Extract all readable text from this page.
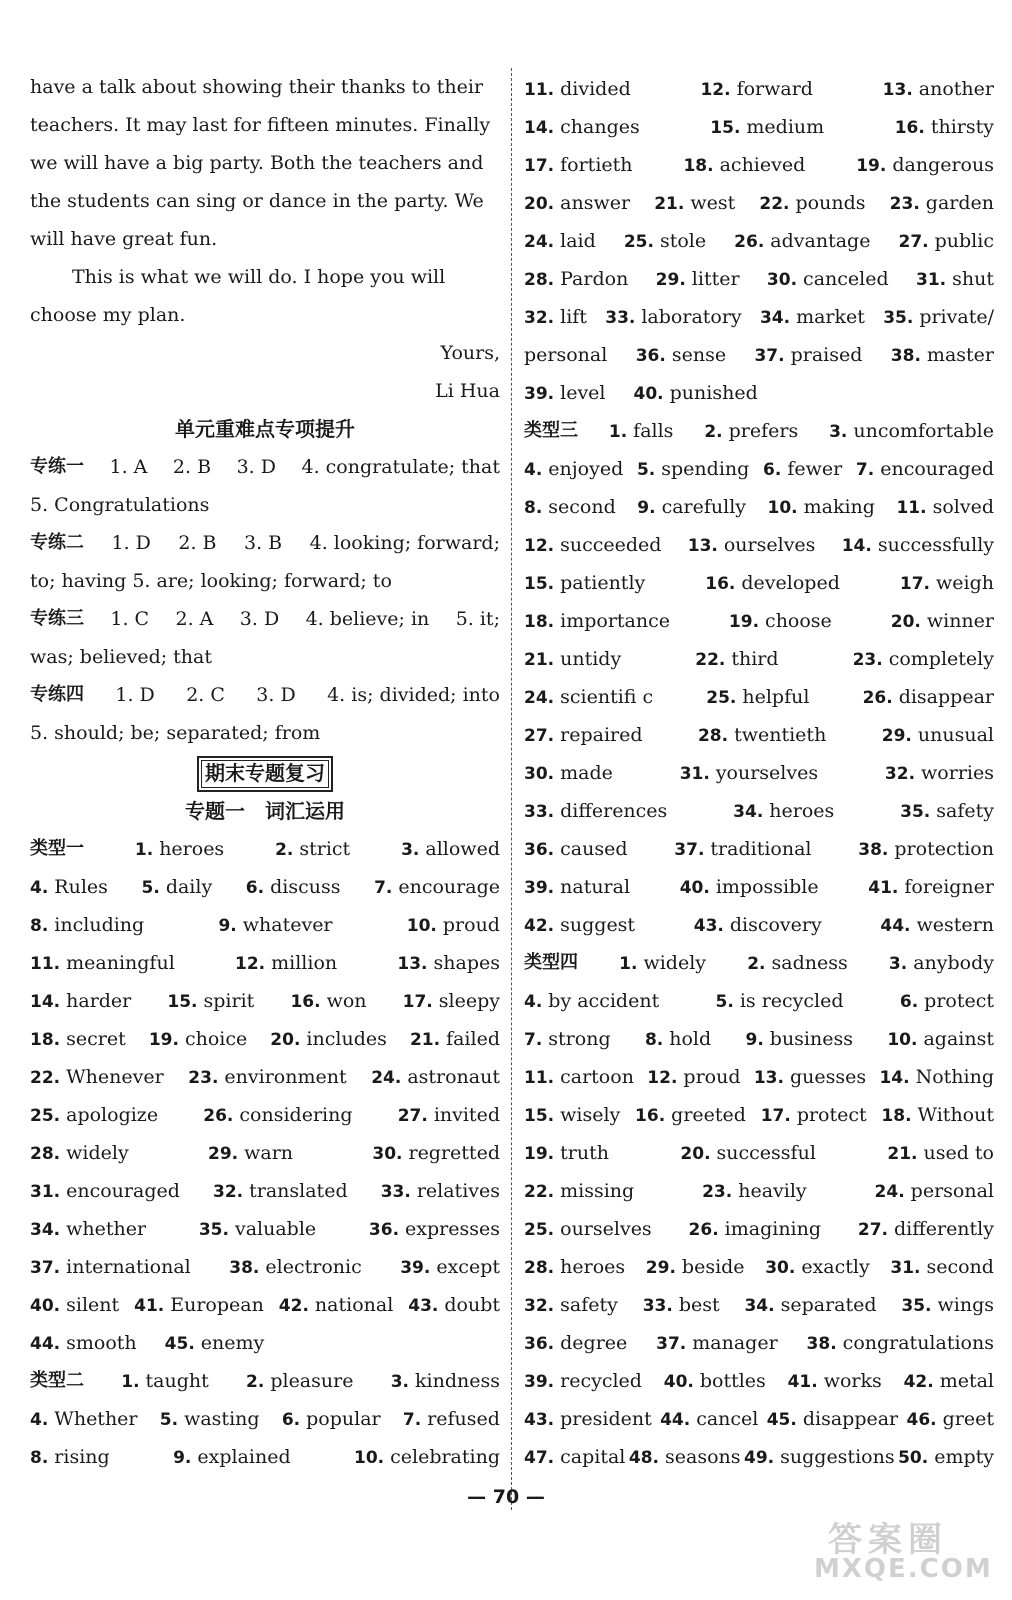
have a talk about showing their thanks to their
teachers. It may last for fifteen minutes. Finally
we will have a big party. Both the teachers and
the students can sing or dance in the party. We
will have great fun.
This is what we will do. I hope you will
choose my plan.

Yours,

Li Hua

单元重难点专项提升
专练一 1. A 2. B 3. D 4. congratulate; that
5. Congratulations
专练二 1. D 2. B 3. B 4. looking; forward;
to; having 5. are; looking; forward; to
专练三 1. C 2. A 3. D 4. believe; in 5. it;
was; believed; that
专练四 1. D 2. C 3. D 4. is; divided; into
5. should; be; separated; from
期末专题复习
专题一　词汇运用
类型一	1. heroes	2. strict	3. allowed
4. Rules 5. daily 6. discuss 7. encourage
8. including	9. whatever	10. proud
11. meaningful	12. million	13. shapes
14. harder 15. spirit 16. won 17. sleepy
18. secret 19. choice 20. includes 21. failed
22. Whenever 23. environment 24. astronaut
25. apologize	26. considering	27. invited
28. widely	29. warn	30. regretted
31. encouraged 32. translated 33. relatives
34. whether	35. valuable	36. expresses
37. international 38. electronic 39. except
40. silent 41. European 42. national 43. doubt
44. smooth 45. enemy
类型二 1. taught 2. pleasure 3. kindness
4. Whether 5. wasting 6. popular 7. refused
8. rising	9. explained	10. celebrating
11. divided	12. forward	13. another
14. changes	15. medium	16. thirsty
17. fortieth	18. achieved	19. dangerous
20. answer 21. west 22. pounds 23. garden
24. laid 25. stole 26. advantage 27. public
28. Pardon 29. litter 30. canceled 31. shut
32. lift 33. laboratory 34. market 35. private/
personal 36. sense 37. praised 38. master
39. level 40. punished
类型三 1. falls 2. prefers 3. uncomfortable
4. enjoyed 5. spending 6. fewer 7. encouraged
8. second 9. carefully 10. making 11. solved
12. succeeded 13. ourselves 14. successfully
15. patiently	16. developed	17. weigh
18. importance	19. choose	20. winner
21. untidy	22. third	23. completely
24. scientifi c	25. helpful	26. disappear
27. repaired	28. twentieth	29. unusual
30. made	31. yourselves	32. worries
33. differences	34. heroes	35. safety
36. caused	37. traditional	38. protection
39. natural	40. impossible	41. foreigner
42. suggest	43. discovery	44. western
类型四 1. widely 2. sadness 3. anybody
4. by accident	5. is recycled	6. protect
7. strong 8. hold 9. business 10. against
11. cartoon 12. proud 13. guesses 14. Nothing
15. wisely 16. greeted 17. protect 18. Without
19. truth	20. successful	21. used to
22. missing	23. heavily	24. personal
25. ourselves 26. imagining 27. differently
28. heroes 29. beside 30. exactly 31. second
32. safety 33. best 34. separated 35. wings
36. degree 37. manager 38. congratulations
39. recycled 40. bottles 41. works 42. metal
43. president 44. cancel 45. disappear 46. greet
47. capital 48. seasons 49. suggestions 50. empty
— 70 —
答案圈
MXQE.COM
